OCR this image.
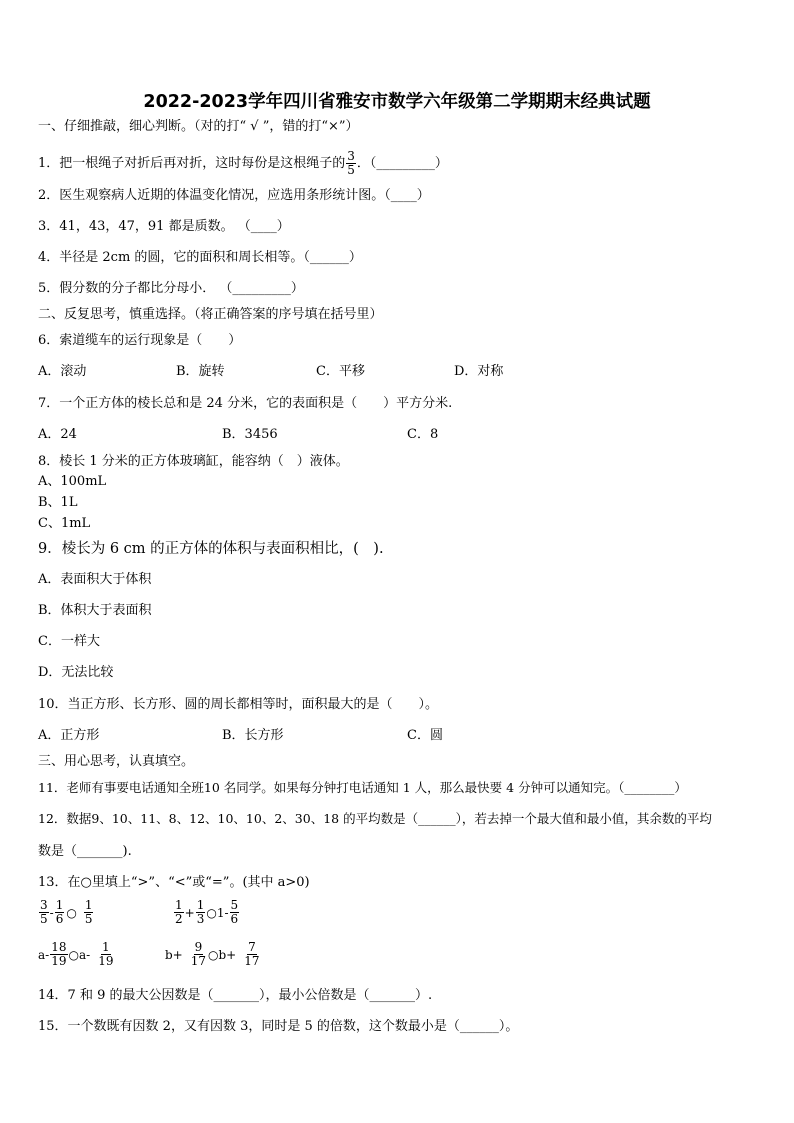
2022-2023学年四川省雅安市数学六年级第二学期期末经典试题
一、仔细推敲，细心判断。（对的打“ √ ”，错的打“×”）
1．把一根绳子对折后再对折，这时每份是这根绳子的 $\frac{3}{5}$ ．（_________）
2．医生观察病人近期的体温变化情况，应选用条形统计图。（____）
3．41，43，47，91 都是质数。 （____）
4．半径是 2cm 的圆，它的面积和周长相等。（______）
5．假分数的分子都比分母小． （_________）
二、反复思考，慎重选择。（将正确答案的序号填在括号里）
6．索道缆车的运行现象是（　　）
A．滚动	B．旋转	C．平移	D．对称
7．一个正方体的棱长总和是 24 分米，它的表面积是（　　）平方分米.
A．24	B．3456	C．8
8．棱长 1 分米的正方体玻璃缸，能容纳（　）液体。
A、100mL
B、1L
C、1mL
9．棱长为 6 cm 的正方体的体积与表面积相比，(　).
A．表面积大于体积
B．体积大于表面积
C．一样大
D．无法比较
10．当正方形、长方形、圆的周长都相等时，面积最大的是（　　）。
A．正方形	B．长方形	C．圆
三、用心思考，认真填空。
11．老师有事要电话通知全班10 名同学。如果每分钟打电话通知 1 人，那么最快要 4 分钟可以通知完。（________）
12．数据9、10、11、8、12、10、10、2、30、18 的平均数是（______），若去掉一个最大值和最小值，其余数的平均
数是（_______).
13．在○里填上“>”、“<”或“=”。(其中 a>0)
$\frac{3}{5} - \frac{1}{6}$ ○ $\frac{1}{5}$	$\frac{1}{2} + \frac{1}{3}$ ○1- $\frac{5}{6}$
$a- \frac{18}{19}$ ○a- $\frac{1}{19}$	$b+ \frac{9}{17}$ ○b+ $\frac{7}{17}$
14．7 和 9 的最大公因数是（_______），最小公倍数是（_______）.
15．一个数既有因数 2，又有因数 3，同时是 5 的倍数，这个数最小是（______）。
